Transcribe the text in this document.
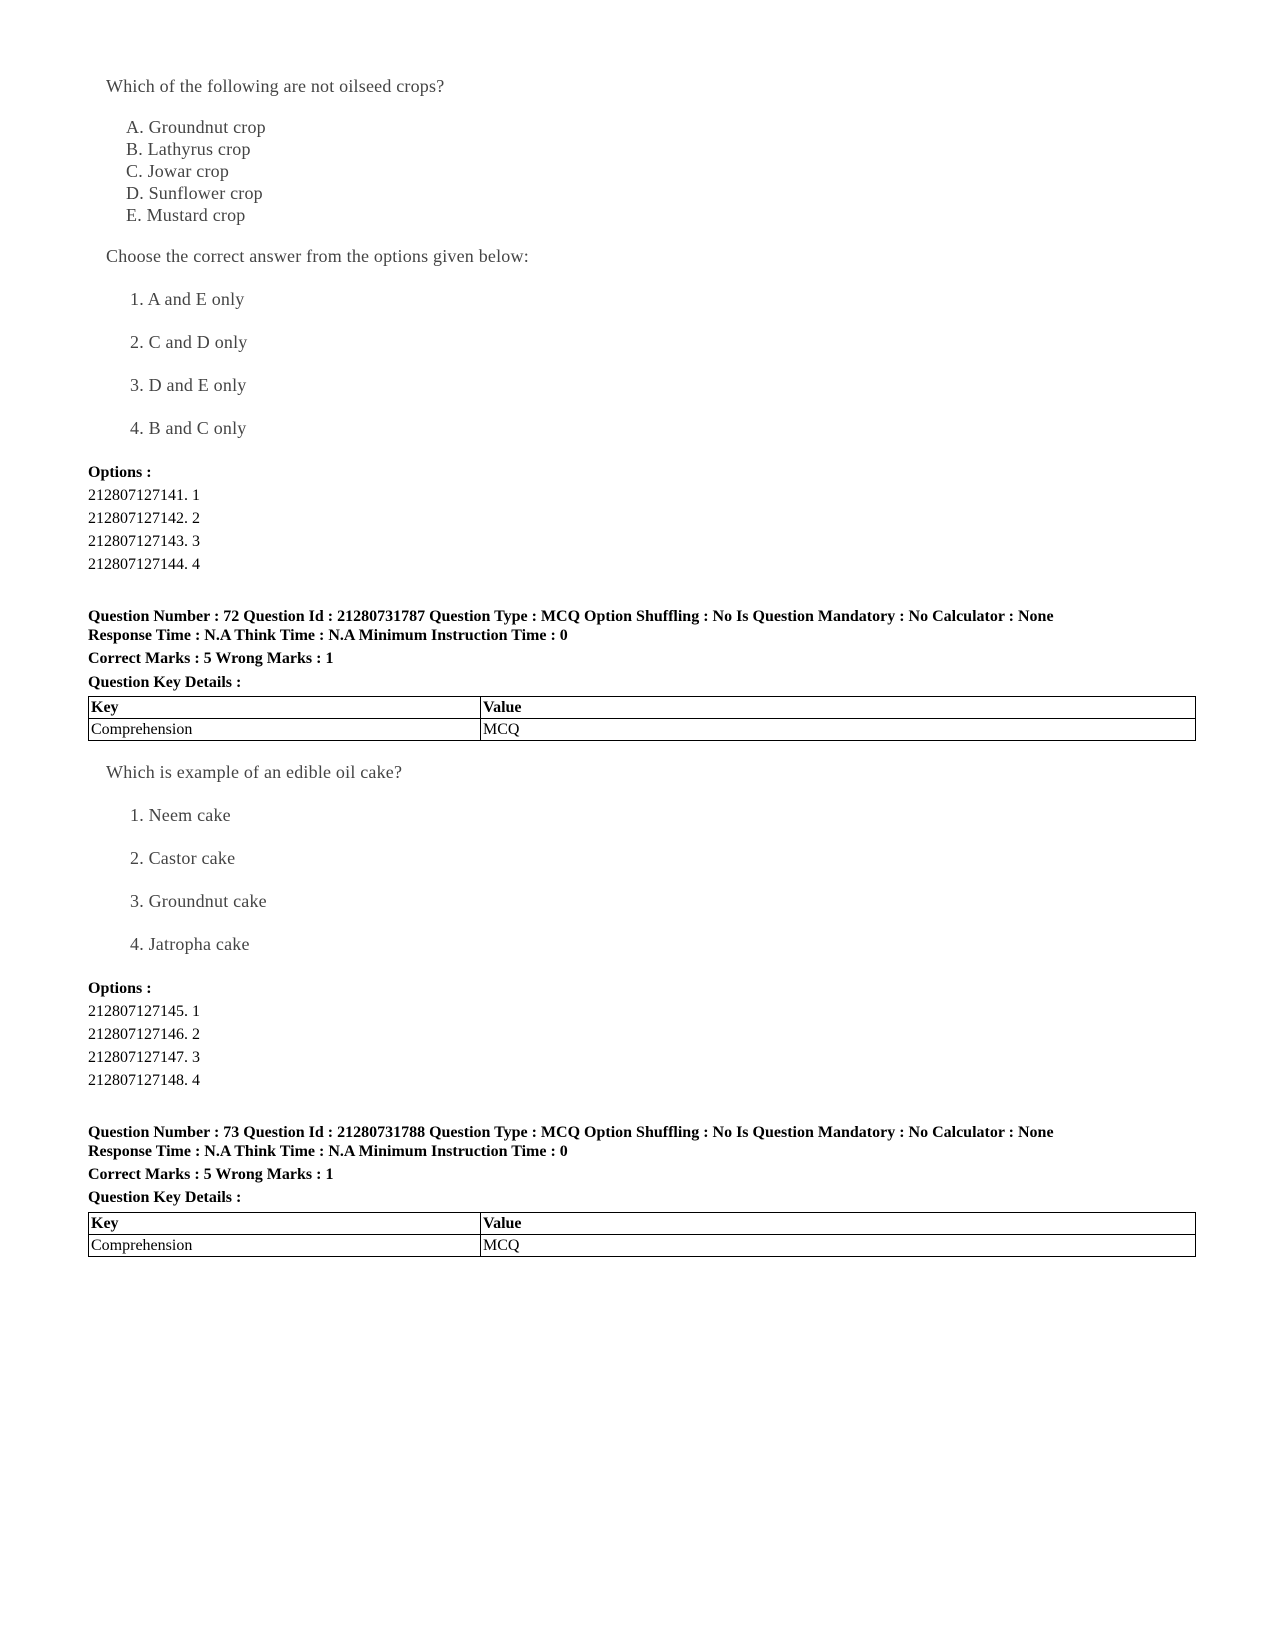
Which of the following are not oilseed crops?
A. Groundnut crop
B. Lathyrus crop
C. Jowar crop
D. Sunflower crop
E. Mustard crop
Choose the correct answer from the options given below:
1. A and E only
2. C and D only
3. D and E only
4. B and C only
Options :
212807127141. 1
212807127142. 2
212807127143. 3
212807127144. 4
Question Number : 72 Question Id : 21280731787 Question Type : MCQ Option Shuffling : No Is Question Mandatory : No Calculator : None
Response Time : N.A Think Time : N.A Minimum Instruction Time : 0
Correct Marks : 5 Wrong Marks : 1
Question Key Details :
Key	Value
Comprehension	MCQ
Which is example of an edible oil cake?
1. Neem cake
2. Castor cake
3. Groundnut cake
4. Jatropha cake
Options :
212807127145. 1
212807127146. 2
212807127147. 3
212807127148. 4
Question Number : 73 Question Id : 21280731788 Question Type : MCQ Option Shuffling : No Is Question Mandatory : No Calculator : None
Response Time : N.A Think Time : N.A Minimum Instruction Time : 0
Correct Marks : 5 Wrong Marks : 1
Question Key Details :
Key	Value
Comprehension	MCQ
